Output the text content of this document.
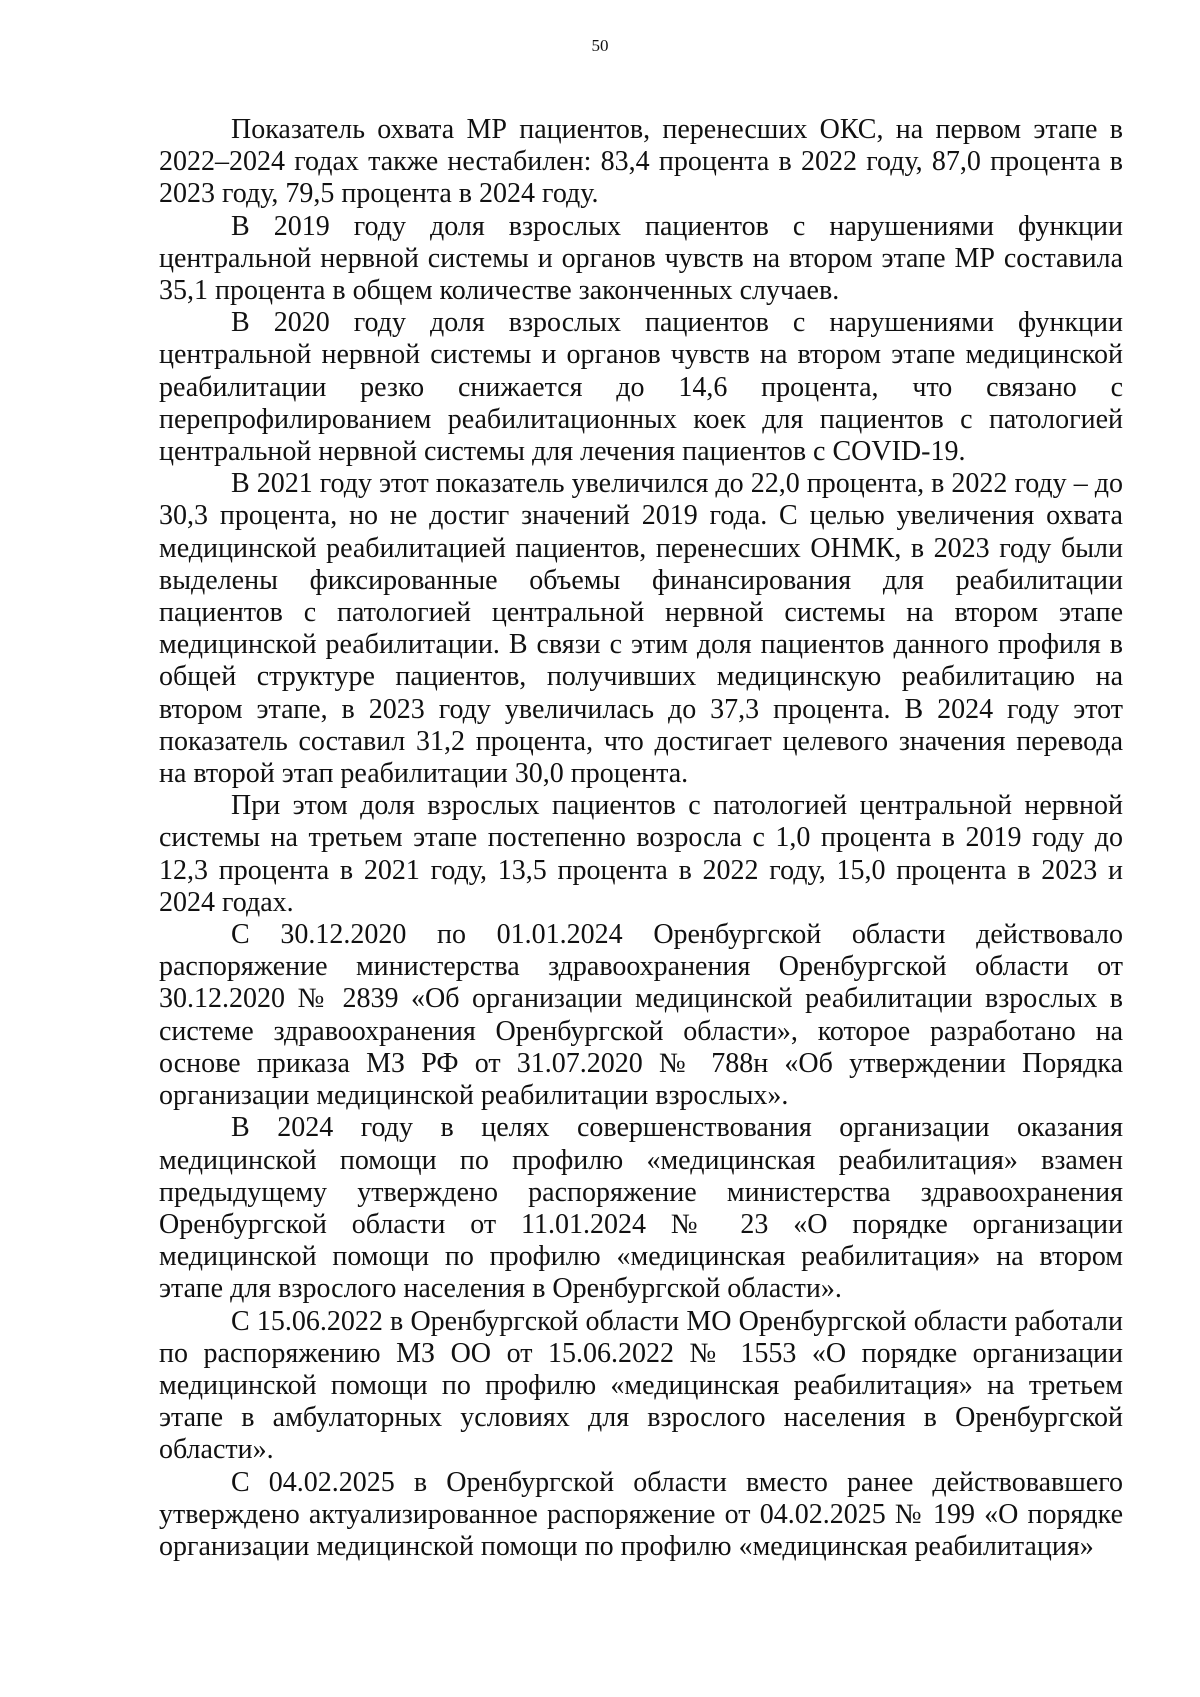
50

Показатель охвата МР пациентов, перенесших ОКС, на первом этапе в 2022–2024 годах также нестабилен: 83,4 процента в 2022 году, 87,0 процента в 2023 году, 79,5 процента в 2024 году.

В 2019 году доля взрослых пациентов с нарушениями функции центральной нервной системы и органов чувств на втором этапе МР составила 35,1 процента в общем количестве законченных случаев.

В 2020 году доля взрослых пациентов с нарушениями функции центральной нервной системы и органов чувств на втором этапе медицинской реабилитации резко снижается до 14,6 процента, что связано с перепрофилированием реабилитационных коек для пациентов с патологией центральной нервной системы для лечения пациентов с COVID-19.

В 2021 году этот показатель увеличился до 22,0 процента, в 2022 году – до 30,3 процента, но не достиг значений 2019 года. С целью увеличения охвата медицинской реабилитацией пациентов, перенесших ОНМК, в 2023 году были выделены фиксированные объемы финансирования для реабилитации пациентов с патологией центральной нервной системы на втором этапе медицинской реабилитации. В связи с этим доля пациентов данного профиля в общей структуре пациентов, получивших медицинскую реабилитацию на втором этапе, в 2023 году увеличилась до 37,3 процента. В 2024 году этот показатель составил 31,2 процента, что достигает целевого значения перевода на второй этап реабилитации 30,0 процента.

При этом доля взрослых пациентов с патологией центральной нервной системы на третьем этапе постепенно возросла с 1,0 процента в 2019 году до 12,3 процента в 2021 году, 13,5 процента в 2022 году, 15,0 процента в 2023 и 2024 годах.

С 30.12.2020 по 01.01.2024 Оренбургской области действовало распоряжение министерства здравоохранения Оренбургской области от 30.12.2020 № 2839 «Об организации медицинской реабилитации взрослых в системе здравоохранения Оренбургской области», которое разработано на основе приказа МЗ РФ от 31.07.2020 № 788н «Об утверждении Порядка организации медицинской реабилитации взрослых».

В 2024 году в целях совершенствования организации оказания медицинской помощи по профилю «медицинская реабилитация» взамен предыдущему утверждено распоряжение министерства здравоохранения Оренбургской области от 11.01.2024 № 23 «О порядке организации медицинской помощи по профилю «медицинская реабилитация» на втором этапе для взрослого населения в Оренбургской области».

С 15.06.2022 в Оренбургской области МО Оренбургской области работали по распоряжению МЗ ОО от 15.06.2022 № 1553 «О порядке организации медицинской помощи по профилю «медицинская реабилитация» на третьем этапе в амбулаторных условиях для взрослого населения в Оренбургской области».

С 04.02.2025 в Оренбургской области вместо ранее действовавшего утверждено актуализированное распоряжение от 04.02.2025 № 199 «О порядке организации медицинской помощи по профилю «медицинская реабилитация»
